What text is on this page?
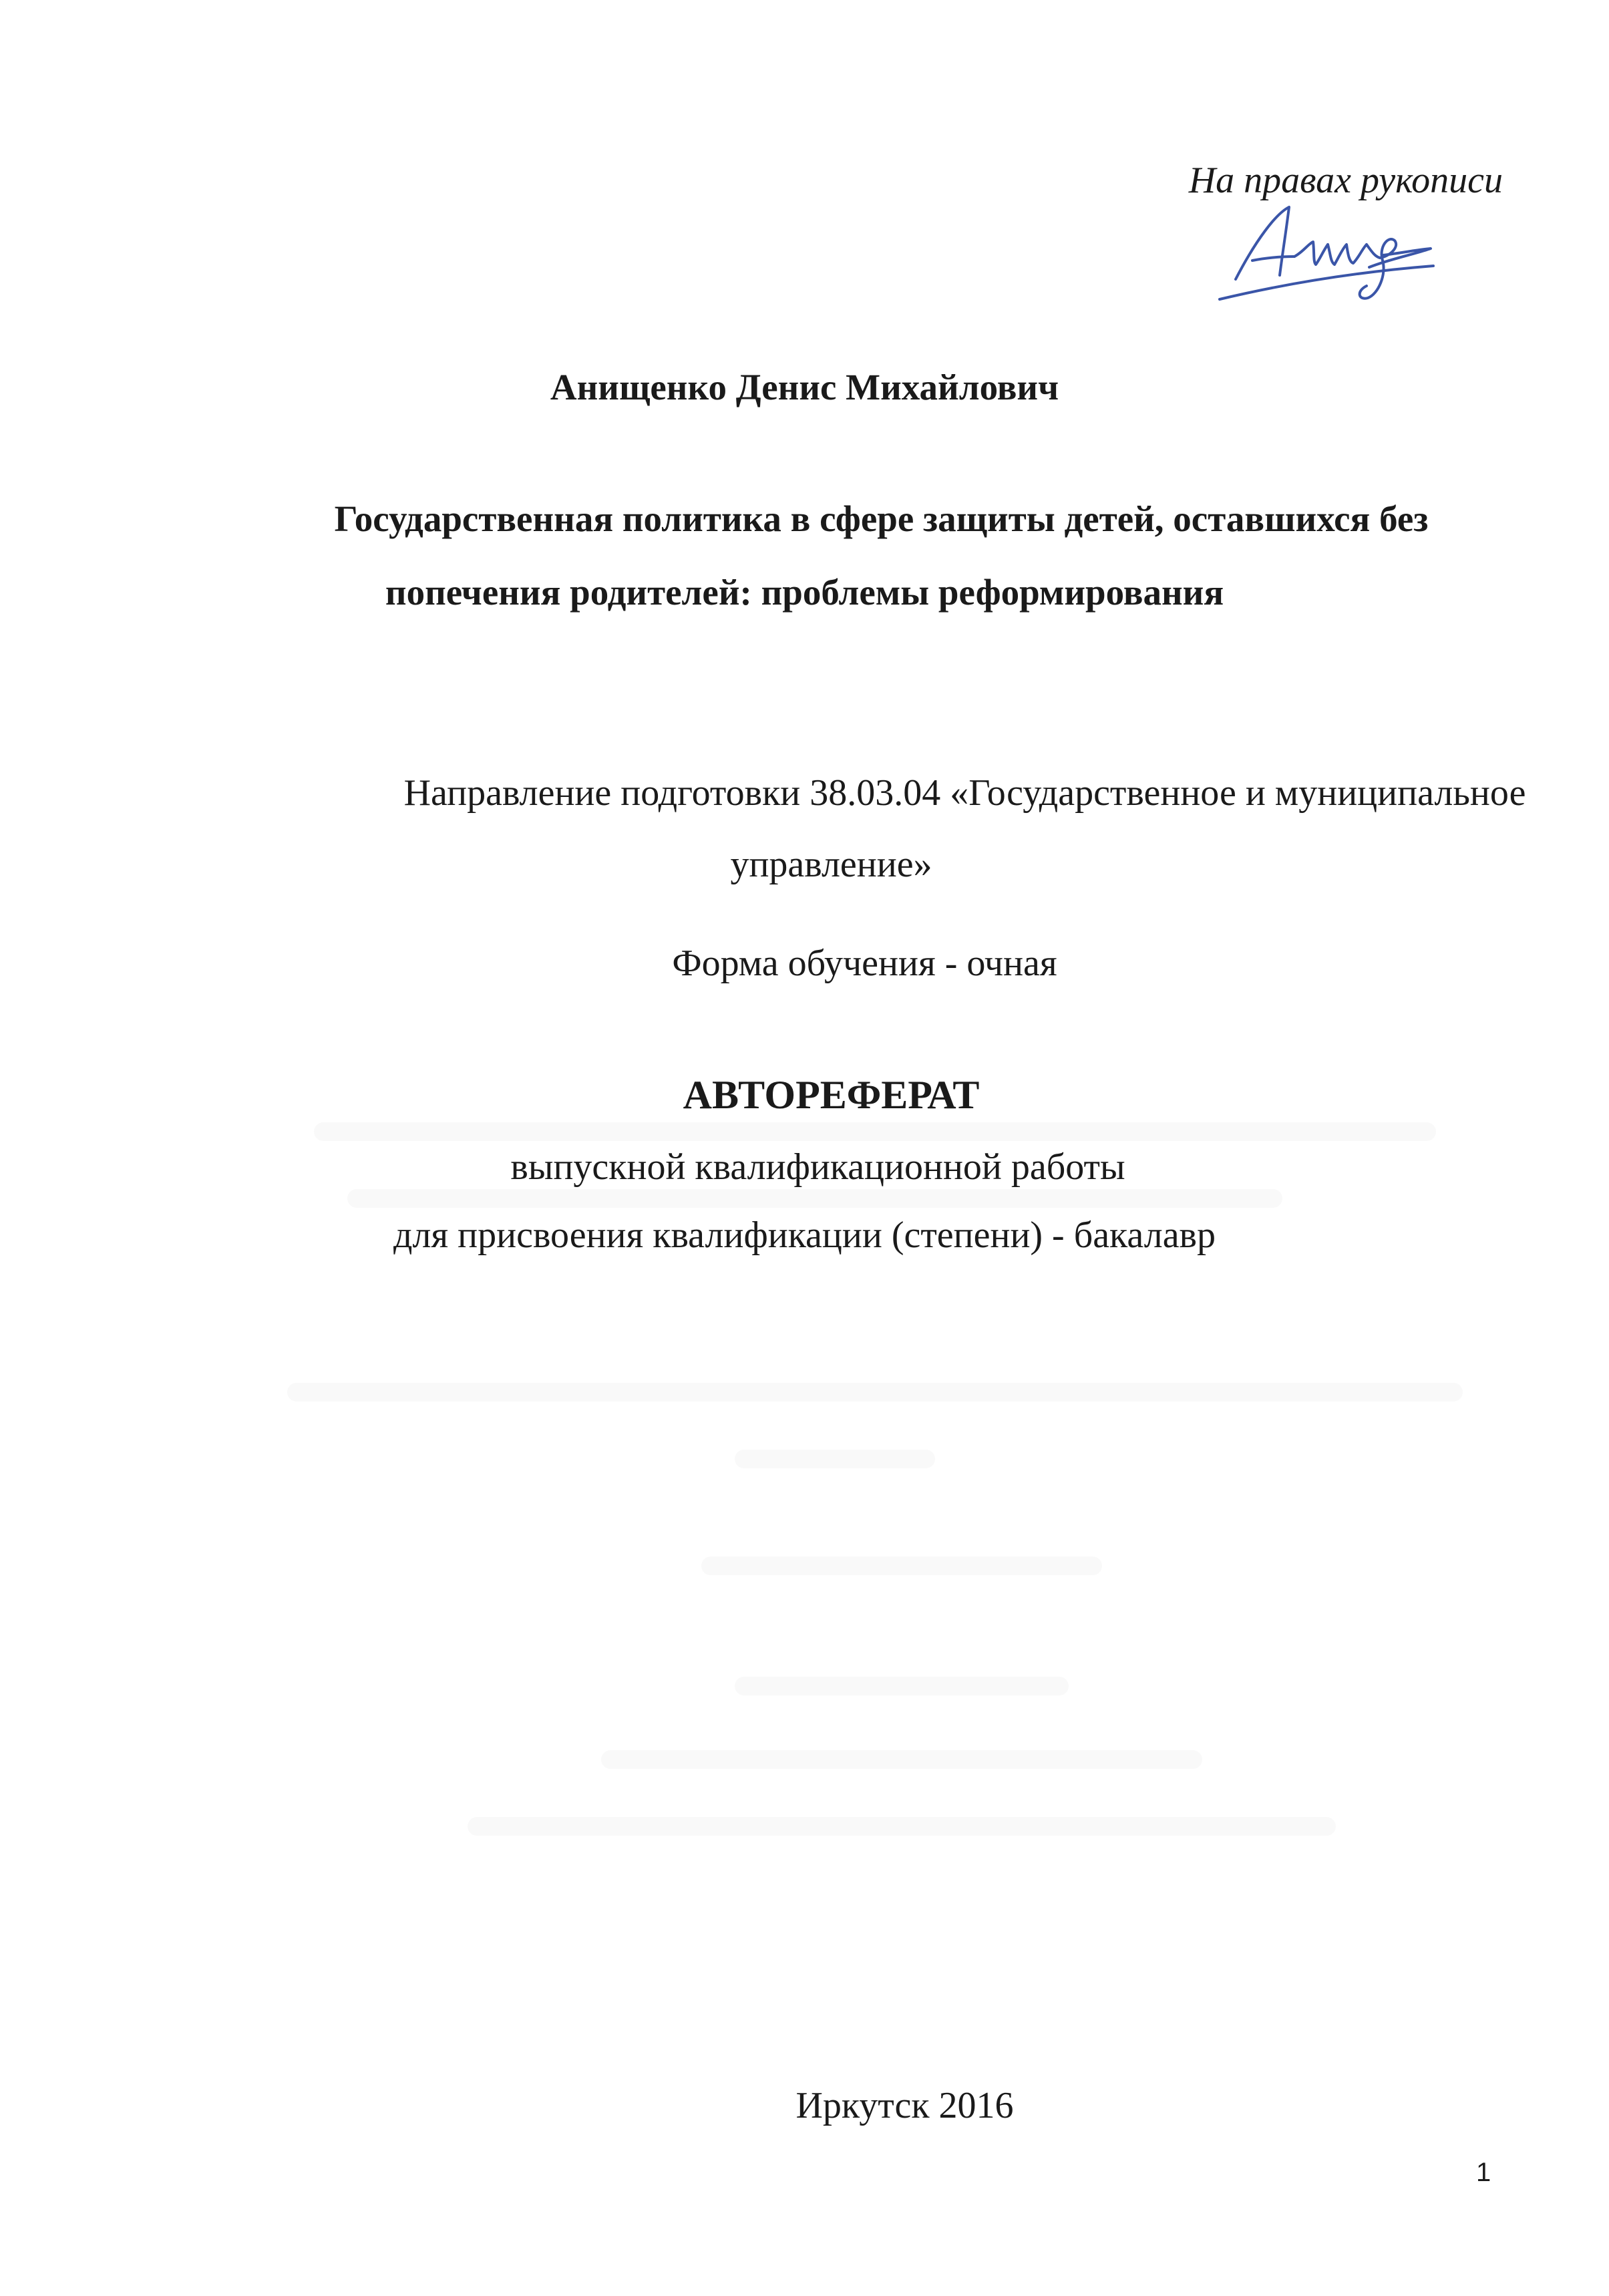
На правах рукописи
Анищенко Денис Михайлович
Государственная политика в сфере защиты детей, оставшихся без
попечения родителей: проблемы реформирования
Направление подготовки 38.03.04 «Государственное и муниципальное
управление»
Форма обучения - очная
АВТОРЕФЕРАТ
выпускной квалификационной работы
для присвоения квалификации (степени) - бакалавр
Иркутск 2016
1
